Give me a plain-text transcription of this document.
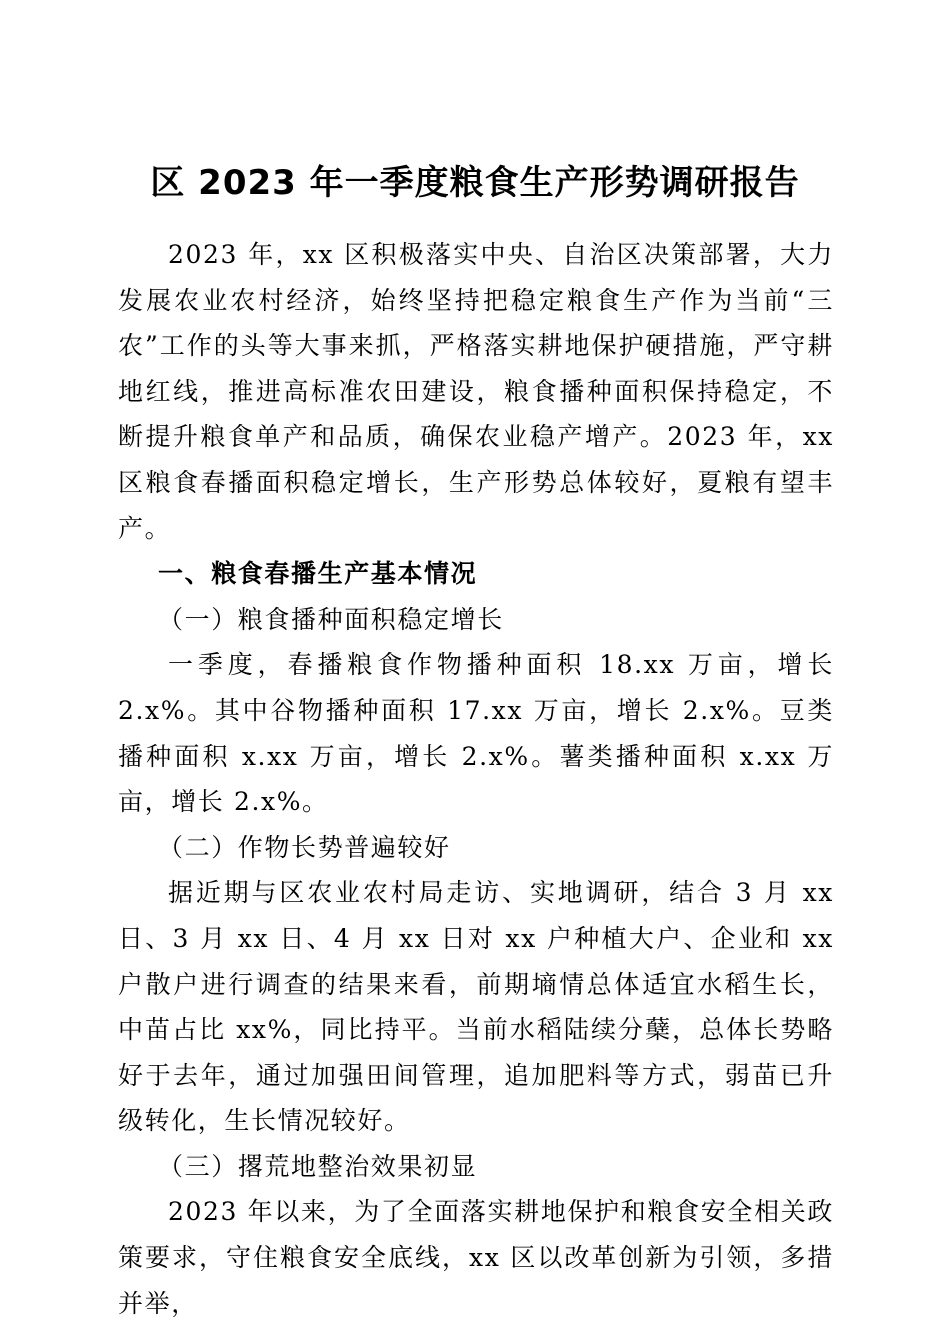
区 2023 年一季度粮食生产形势调研报告

2023 年，xx 区积极落实中央、自治区决策部署，大力发展农业农村经济，始终坚持把稳定粮食生产作为当前“三农”工作的头等大事来抓，严格落实耕地保护硬措施，严守耕地红线，推进高标准农田建设，粮食播种面积保持稳定，不断提升粮食单产和品质，确保农业稳产增产。2023 年，xx 区粮食春播面积稳定增长，生产形势总体较好，夏粮有望丰产。

一、粮食春播生产基本情况

（一）粮食播种面积稳定增长

一季度，春播粮食作物播种面积 18.xx 万亩，增长 2.x%。其中谷物播种面积 17.xx 万亩，增长 2.x%。豆类播种面积 x.xx 万亩，增长 2.x%。薯类播种面积 x.xx 万亩，增长 2.x%。

（二）作物长势普遍较好

据近期与区农业农村局走访、实地调研，结合 3 月 xx 日、3 月 xx 日、4 月 xx 日对 xx 户种植大户、企业和 xx 户散户进行调查的结果来看，前期墒情总体适宜水稻生长，中苗占比 xx%，同比持平。当前水稻陆续分蘖，总体长势略好于去年，通过加强田间管理，追加肥料等方式，弱苗已升级转化，生长情况较好。

（三）撂荒地整治效果初显

2023 年以来，为了全面落实耕地保护和粮食安全相关政策要求，守住粮食安全底线，xx 区以改革创新为引领，多措并举，
